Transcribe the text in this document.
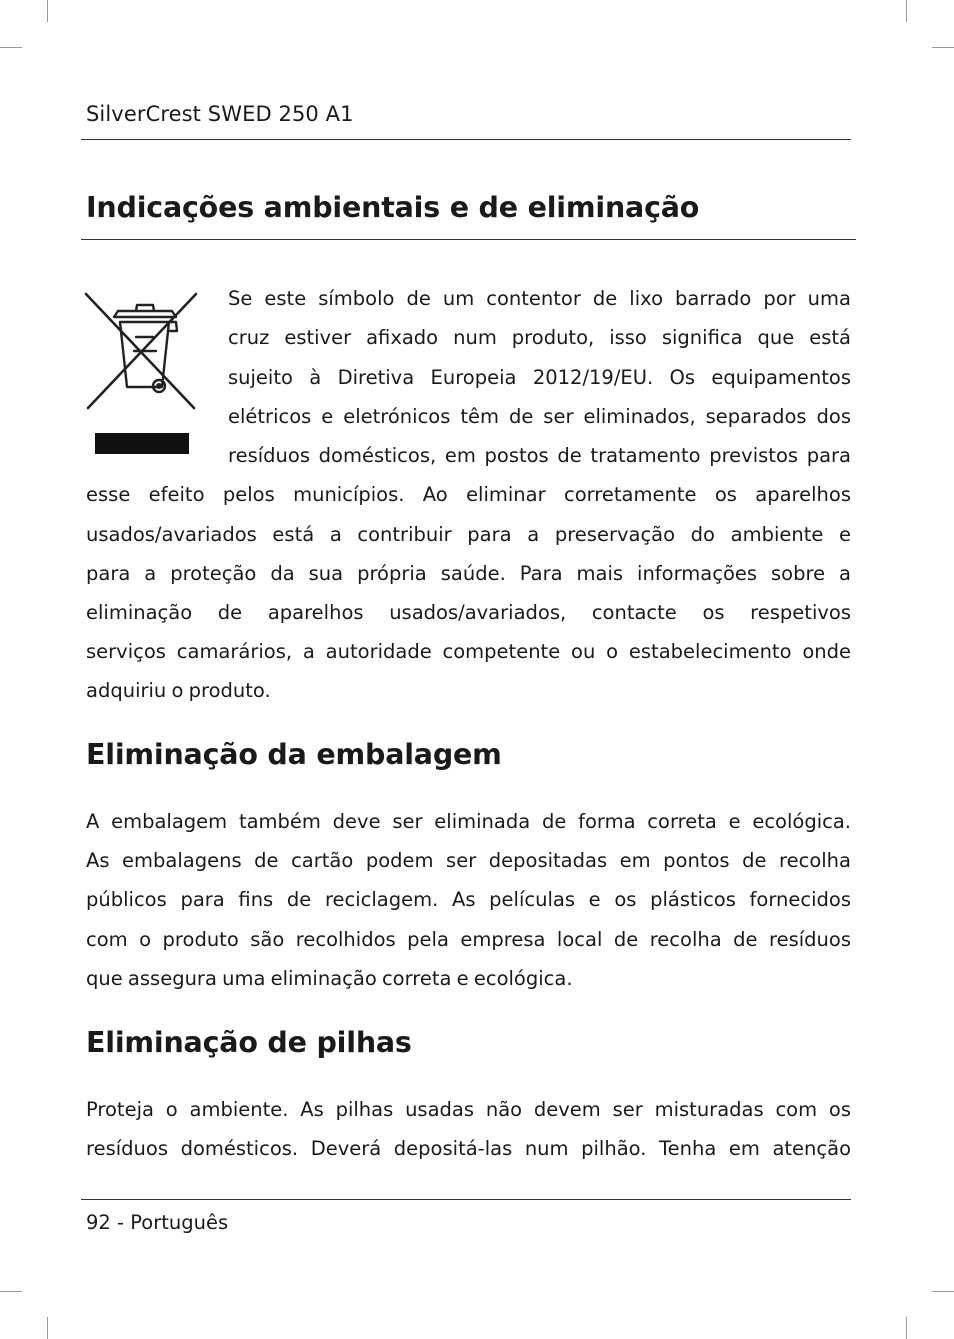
SilverCrest SWED 250 A1
Indicações ambientais e de eliminação
Se este símbolo de um contentor de lixo barrado por uma
cruz estiver afixado num produto, isso significa que está
sujeito à Diretiva Europeia 2012/19/EU. Os equipamentos
elétricos e eletrónicos têm de ser eliminados, separados dos
resíduos domésticos, em postos de tratamento previstos para
esse efeito pelos municípios. Ao eliminar corretamente os aparelhos
usados/avariados está a contribuir para a preservação do ambiente e
para a proteção da sua própria saúde. Para mais informações sobre a
eliminação de aparelhos usados/avariados, contacte os respetivos
serviços camarários, a autoridade competente ou o estabelecimento onde
adquiriu o produto.
Eliminação da embalagem
A embalagem também deve ser eliminada de forma correta e ecológica.
As embalagens de cartão podem ser depositadas em pontos de recolha
públicos para fins de reciclagem. As películas e os plásticos fornecidos
com o produto são recolhidos pela empresa local de recolha de resíduos
que assegura uma eliminação correta e ecológica.
Eliminação de pilhas
Proteja o ambiente. As pilhas usadas não devem ser misturadas com os
resíduos domésticos. Deverá depositá-las num pilhão. Tenha em atenção
92 - Português
